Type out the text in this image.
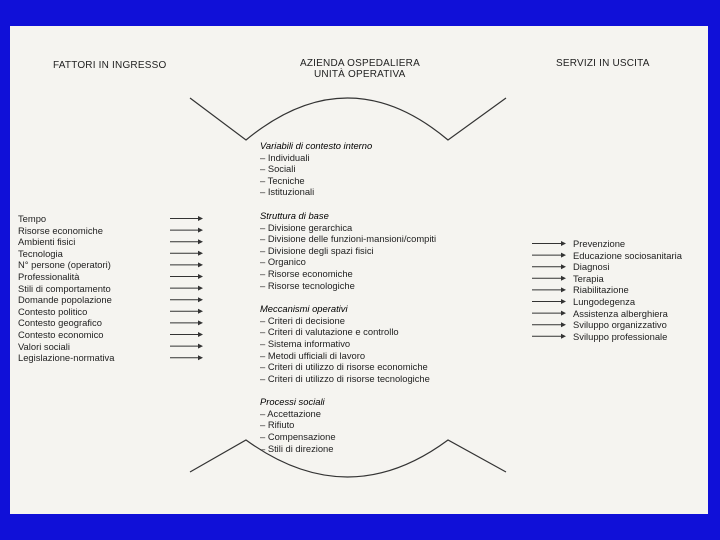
FATTORI IN INGRESSO	AZIENDA OSPEDALIERA
UNITÀ OPERATIVA
SERVIZI IN USCITA
Tempo
Risorse economiche
Ambienti fisici
Tecnologia
N° persone (operatori)
Professionalità
Stili di comportamento
Domande popolazione
Contesto politico
Contesto geografico
Contesto economico
Valori sociali
Legislazione-normativa
Variabili di contesto interno
– Individuali
– Sociali
– Tecniche
– Istituzionali
Struttura di base
– Divisione gerarchica
– Divisione delle funzioni-mansioni/compiti
– Divisione degli spazi fisici
– Organico
– Risorse economiche
– Risorse tecnologiche
Meccanismi operativi
– Criteri di decisione
– Criteri di valutazione e controllo
– Sistema informativo
– Metodi ufficiali di lavoro
– Criteri di utilizzo di risorse economiche
– Criteri di utilizzo di risorse tecnologiche
Processi sociali
– Accettazione
– Rifiuto
– Compensazione
– Stili di direzione
Prevenzione
Educazione sociosanitaria
Diagnosi
Terapia
Riabilitazione
Lungodegenza
Assistenza alberghiera
Sviluppo organizzativo
Sviluppo professionale
